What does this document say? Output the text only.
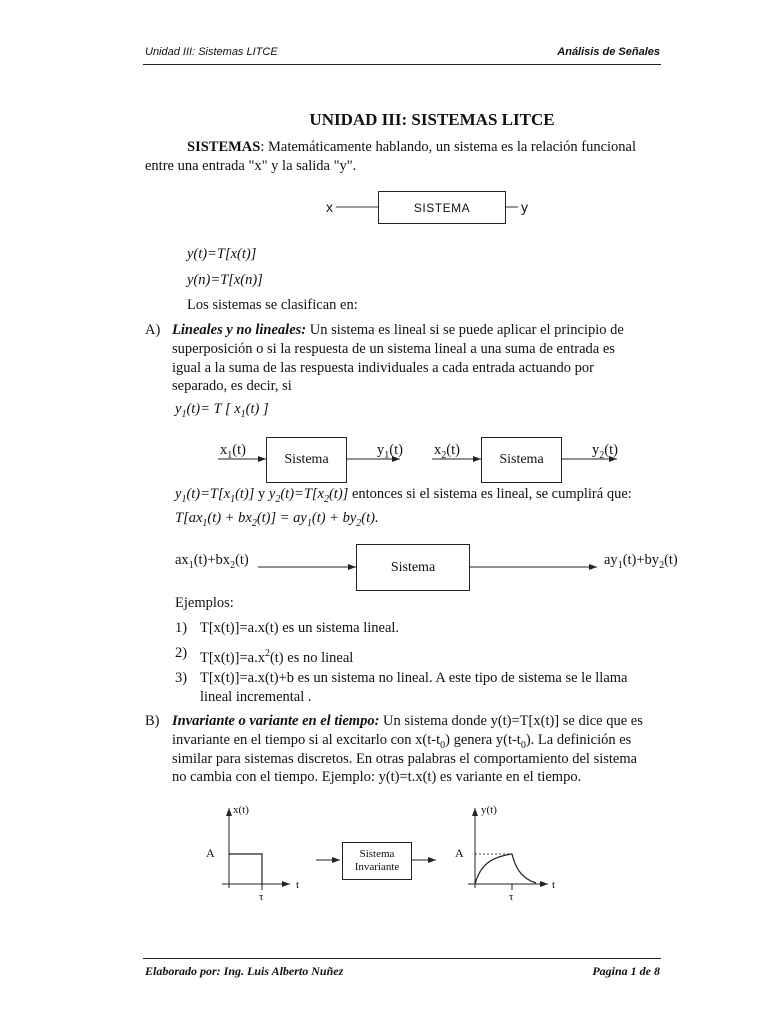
Unidad III: Sistemas LITCE	Análisis de Señales
UNIDAD III: SISTEMAS LITCE
SISTEMAS: Matemáticamente hablando, un sistema es la relación funcional
entre una entrada "x" y la salida "y".
x	SISTEMA	y
y(t)=T[x(t)]
y(n)=T[x(n)]
Los sistemas se clasifican en:
A) Lineales y no lineales: Un sistema es lineal si se puede aplicar el principio de
superposición o si la respuesta de un sistema lineal a una suma de entrada es
igual a la suma de las respuesta individuales a cada entrada actuando por
separado, es decir, si
$y_1(t)= T$ [ $x_1(t)$ ]
$x_1(t)$
Sistema
$y_1(t)$ $x_2(t)$
Sistema
$y_2(t)$
$y_1(t)=T[x_1(t)]$ y $y_2(t)=T[x_2(t)]$ entonces si el sistema es lineal, se cumplirá que:
$T[ax_1(t) + bx_2(t)] = ay_1(t) + by_2(t)$.
$ax_1(t)+bx_2(t)$	Sistema	$ay_1(t)+by_2(t)$
Ejemplos:
1) T[x(t)]=a.x(t) es un sistema lineal.
2) $T[x(t)]=a.x^2(t)$ es no lineal
3) T[x(t)]=a.x(t)+b es un sistema no lineal. A este tipo de sistema se le llama
lineal incremental .
B) Invariante o variante en el tiempo: Un sistema donde y(t)=T[x(t)] se dice que es
invariante en el tiempo si al excitarlo con $x(t-t_0)$ genera $y(t-t_0)$. La definición es
similar para sistemas discretos. En otras palabras el comportamiento del sistema
no cambia con el tiempo. Ejemplo: y(t)=t.x(t) es variante en el tiempo.
x(t)
A
t
τ
Sistema
Invariante
y(t)
A
t
τ
Elaborado por: Ing. Luis Alberto Nuñez	Pagina 1 de 8
